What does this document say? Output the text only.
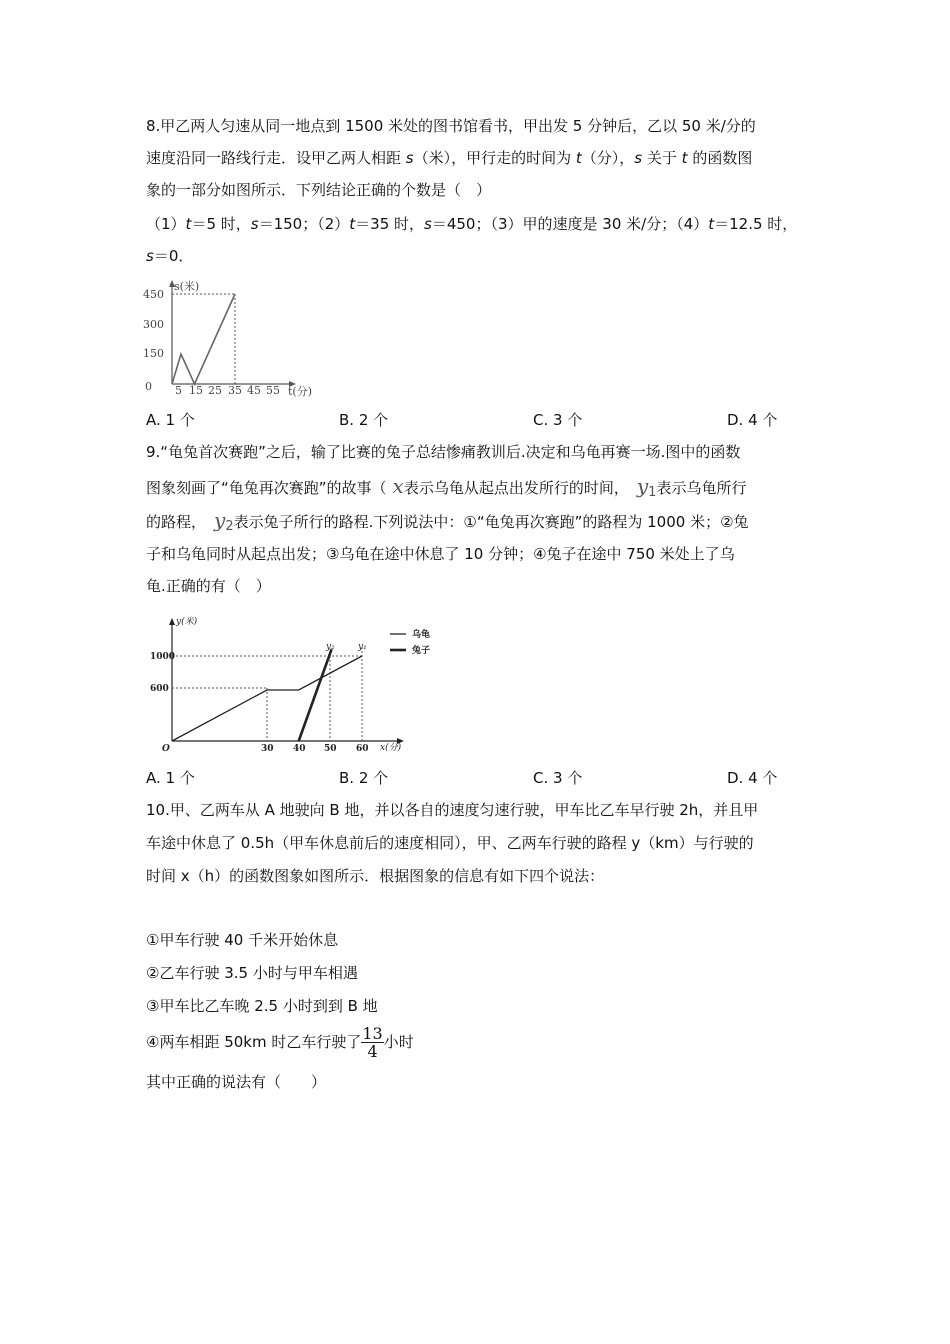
8.甲乙两人匀速从同一地点到 1500 米处的图书馆看书，甲出发 5 分钟后，乙以 50 米/分的
速度沿同一路线行走．设甲乙两人相距 s（米），甲行走的时间为 t（分），s 关于 t 的函数图
象的一部分如图所示．下列结论正确的个数是（　）
（1）t＝5 时，s＝150；（2）t＝35 时，s＝450；（3）甲的速度是 30 米/分；（4）t＝12.5 时，
s＝0．
s(米)
t(分)
450
300
150
0 5 15 25 35 45 55
A. 1 个	B. 2 个	C. 3 个	D. 4 个
9.“龟兔首次赛跑”之后，输了比赛的兔子总结惨痛教训后.决定和乌龟再赛一场.图中的函数
图象刻画了“龟兔再次赛跑”的故事（ x表示乌龟从起点出发所行的时间， y1表示乌龟所行
的路程， y2表示兔子所行的路程.下列说法中：①“龟兔再次赛跑”的路程为 1000 米；②兔
子和乌龟同时从起点出发；③乌龟在途中休息了 10 分钟；④兔子在途中 750 米处上了乌
龟.正确的有（　）
y(米)
x(分)
O
1000
600
30 40 50 60
y₂	y₁
乌龟
兔子
A. 1 个	B. 2 个	C. 3 个	D. 4 个
10.甲、乙两车从 A 地驶向 B 地，并以各自的速度匀速行驶，甲车比乙车早行驶 2h，并且甲
车途中休息了 0.5h（甲车休息前后的速度相同），甲、乙两车行驶的路程 y（km）与行驶的
时间 x（h）的函数图象如图所示．根据图象的信息有如下四个说法：
①甲车行驶 40 千米开始休息
②乙车行驶 3.5 小时与甲车相遇
③甲车比乙车晚 2.5 小时到到 B 地
④两车相距 50km 时乙车行驶了 $\frac{13}{4}$ 小时
其中正确的说法有（　　）
